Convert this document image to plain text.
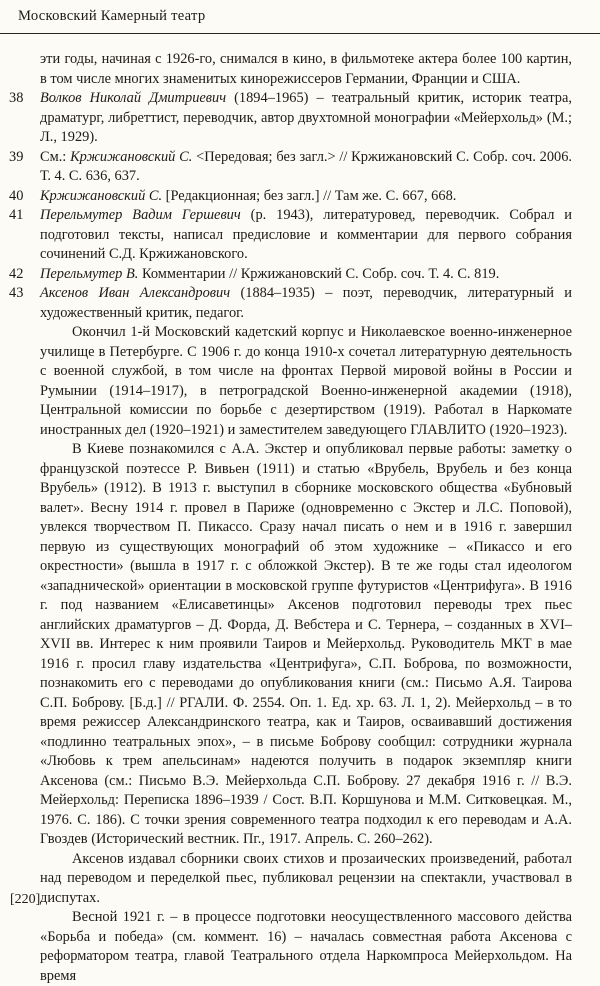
Московский Камерный театр

эти годы, начиная с 1926-го, снимался в кино, в фильмотеке актера более 100 картин, в том числе многих знаменитых кинорежиссеров Германии, Франции и США.

38 Волков Николай Дмитриевич (1894–1965) – театральный критик, историк театра, драматург, либреттист, переводчик, автор двухтомной монографии «Мейерхольд» (М.; Л., 1929).

39 См.: Кржижановский С. <Передовая; без загл.> // Кржижановский С. Собр. соч. 2006. Т. 4. С. 636, 637.

40 Кржижановский С. [Редакционная; без загл.] // Там же. С. 667, 668.

41 Перельмутер Вадим Гершевич (р. 1943), литературовед, переводчик. Собрал и подготовил тексты, написал предисловие и комментарии для первого собрания сочинений С.Д. Кржижановского.

42 Перельмутер В. Комментарии // Кржижановский С. Собр. соч. Т. 4. С. 819.

43 Аксенов Иван Александрович (1884–1935) – поэт, переводчик, литературный и художественный критик, педагог.

Окончил 1-й Московский кадетский корпус и Николаевское военно-инженерное училище в Петербурге. С 1906 г. до конца 1910-х сочетал литературную деятельность с военной службой, в том числе на фронтах Первой мировой войны в России и Румынии (1914–1917), в петроградской Военно-инженерной академии (1918), Центральной комиссии по борьбе с дезертирством (1919). Работал в Наркомате иностранных дел (1920–1921) и заместителем заведующего ГЛАВЛИТО (1920–1923).

В Киеве познакомился с А.А. Экстер и опубликовал первые работы: заметку о французской поэтессе Р. Вивьен (1911) и статью «Врубель, Врубель и без конца Врубель» (1912). В 1913 г. выступил в сборнике московского общества «Бубновый валет». Весну 1914 г. провел в Париже (одновременно с Экстер и Л.С. Поповой), увлекся творчеством П. Пикассо. Сразу начал писать о нем и в 1916 г. завершил первую из существующих монографий об этом художнике – «Пикассо и его окрестности» (вышла в 1917 г. с обложкой Экстер). В те же годы стал идеологом «западнической» ориентации в московской группе футуристов «Центрифуга». В 1916 г. под названием «Елисаветинцы» Аксенов подготовил переводы трех пьес английских драматургов – Д. Форда, Д. Вебстера и С. Тернера, – созданных в XVI–XVII вв. Интерес к ним проявили Таиров и Мейерхольд. Руководитель МКТ в мае 1916 г. просил главу издательства «Центрифуга», С.П. Боброва, по возможности, познакомить его с переводами до опубликования книги (см.: Письмо А.Я. Таирова С.П. Боброву. [Б.д.] // РГАЛИ. Ф. 2554. Оп. 1. Ед. хр. 63. Л. 1, 2). Мейерхольд – в то время режиссер Александринского театра, как и Таиров, осваивавший достижения «подлинно театральных эпох», – в письме Боброву сообщил: сотрудники журнала «Любовь к трем апельсинам» надеются получить в подарок экземпляр книги Аксенова (см.: Письмо В.Э. Мейерхольда С.П. Боброву. 27 декабря 1916 г. // В.Э. Мейерхольд: Переписка 1896–1939 / Сост. В.П. Коршунова и М.М. Ситковецкая. М., 1976. С. 186). С точки зрения современного театра подходил к его переводам и А.А. Гвоздев (Исторический вестник. Пг., 1917. Апрель. С. 260–262).

Аксенов издавал сборники своих стихов и прозаических произведений, работал над переводом и переделкой пьес, публиковал рецензии на спектакли, участвовал в диспутах.

Весной 1921 г. – в процессе подготовки неосуществленного массового действа «Борьба и победа» (см. коммент. 16) – началась совместная работа Аксенова с реформатором театра, главой Театрального отдела Наркомпроса Мейерхольдом. На время

[220]
